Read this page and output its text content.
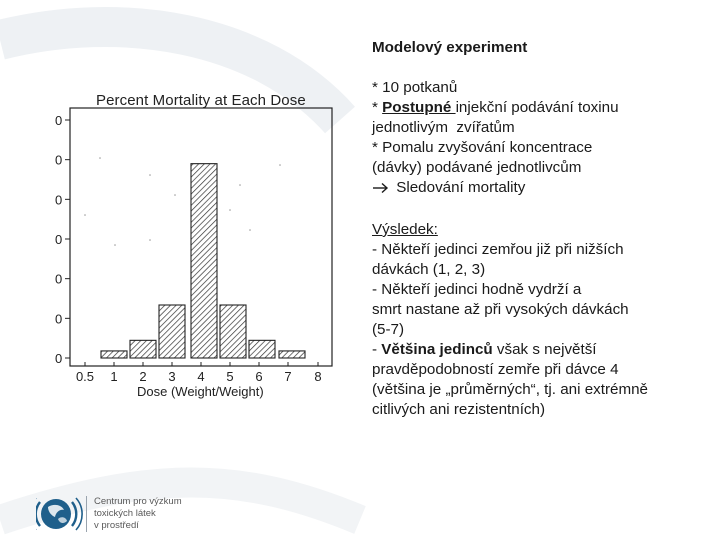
Percent Mortality at Each Dose
0
0
0
0
0
0
0
0.5 1 2 3 4 5 6 7 8
Dose (Weight/Weight)
Modelový experiment
* 10 potkanů
* Postupné injekční podávání toxinu
jednotlivým  zvířatům
* Pomalu zvyšování koncentrace
(dávky) podávané jednotlivcům
Sledování mortality
Výsledek:
- Někteří jedinci zemřou již při nižších
dávkách (1, 2, 3)
- Někteří jedinci hodně vydrží a
smrt nastane až při vysokých dávkách
(5-7)
- Většina jedinců však s největší
pravděpodobností zemře při dávce 4
(většina je „průměrných“, tj. ani extrémně
citlivých ani rezistentních)
Centrum pro výzkum
toxických látek
v prostředí
